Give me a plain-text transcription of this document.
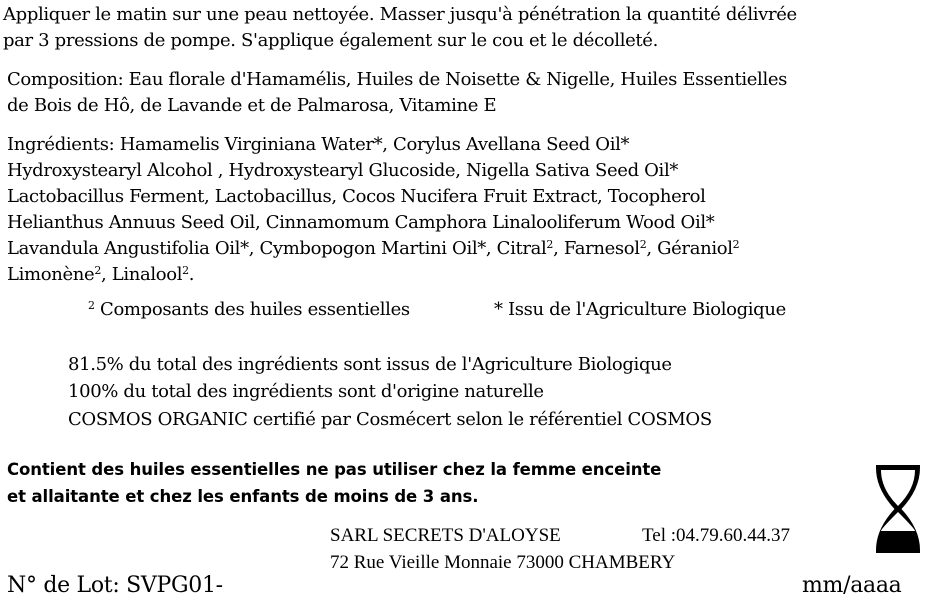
Appliquer le matin sur une peau nettoyée. Masser jusqu'à pénétration la quantité délivrée
par 3 pressions de pompe. S'applique également sur le cou et le décolleté.
Composition: Eau florale d'Hamamélis, Huiles de Noisette & Nigelle, Huiles Essentielles
de Bois de Hô, de Lavande et de Palmarosa, Vitamine E
Ingrédients: Hamamelis Virginiana Water*, Corylus Avellana Seed Oil*
Hydroxystearyl Alcohol , Hydroxystearyl Glucoside, Nigella Sativa Seed Oil*
Lactobacillus Ferment, Lactobacillus, Cocos Nucifera Fruit Extract, Tocopherol
Helianthus Annuus Seed Oil, Cinnamomum Camphora Linalooliferum Wood Oil*
Lavandula Angustifolia Oil*, Cymbopogon Martini Oil*, Citral$^2$, Farnesol$^2$, Géraniol$^2$
Limonène$^2$, Linalool$^2$.
$^2$ Composants des huiles essentielles	* Issu de l'Agriculture Biologique
81.5% du total des ingrédients sont issus de l'Agriculture Biologique
100% du total des ingrédients sont d'origine naturelle
COSMOS ORGANIC certifié par Cosmécert selon le référentiel COSMOS
Contient des huiles essentielles ne pas utiliser chez la femme enceinte
et allaitante et chez les enfants de moins de 3 ans.
SARL SECRETS D'ALOYSE	Tel :04.79.60.44.37
72 Rue Vieille Monnaie 73000 CHAMBERY
N° de Lot: SVPG01-	mm/aaaa
